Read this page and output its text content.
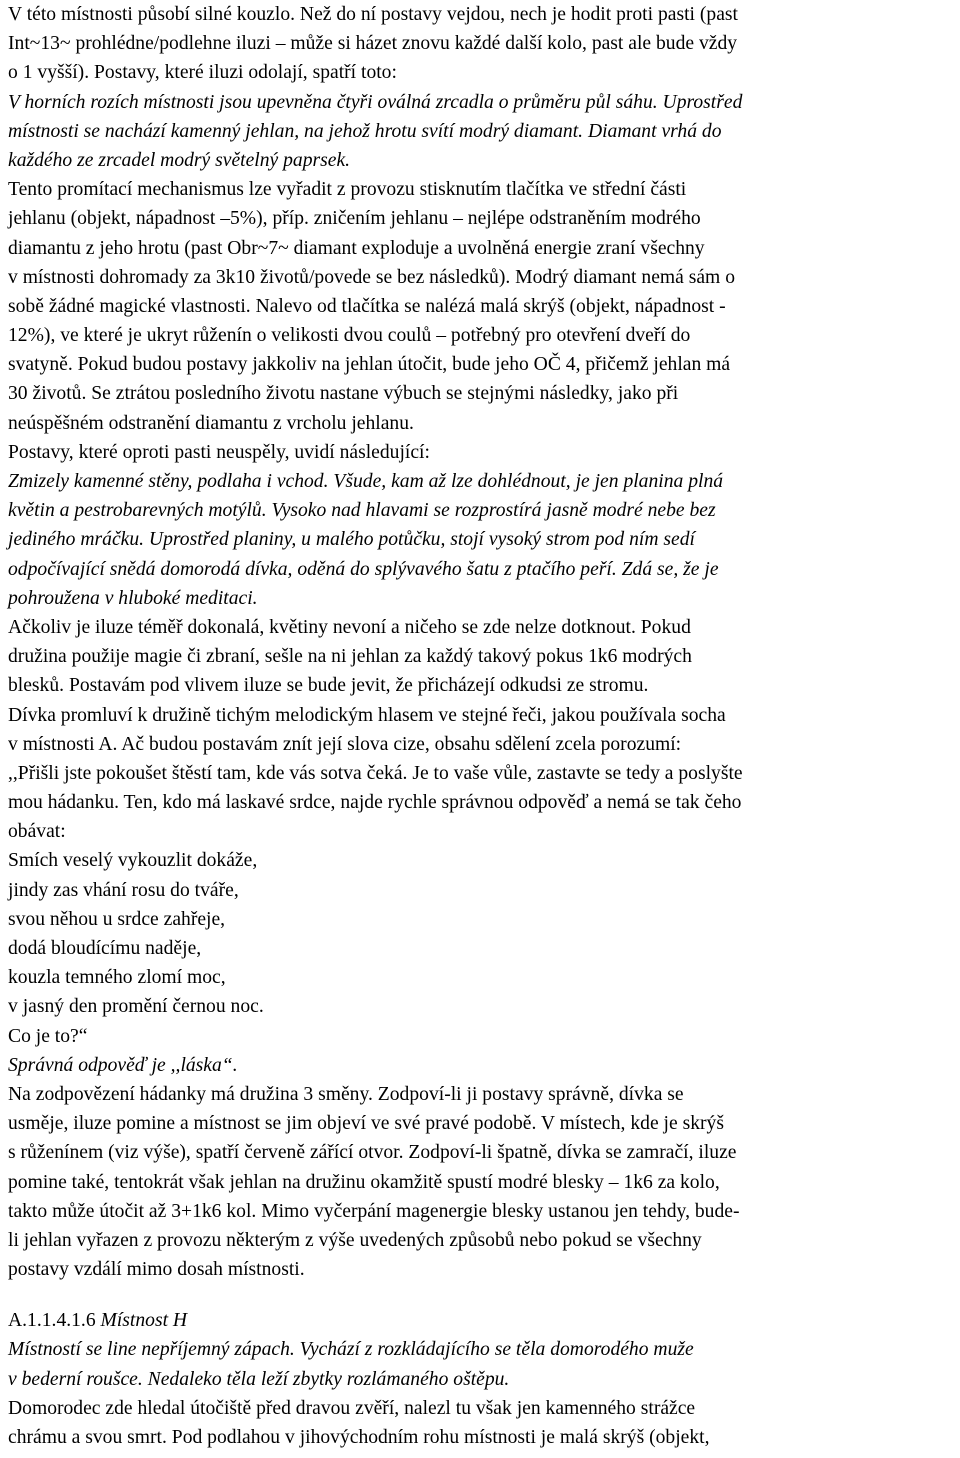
V této místnosti působí silné kouzlo. Než do ní postavy vejdou, nech je hodit proti pasti (past
Int~13~ prohlédne/podlehne iluzi – může si házet znovu každé další kolo, past ale bude vždy
o 1 vyšší). Postavy, které iluzi odolají, spatří toto:
V horních rozích místnosti jsou upevněna čtyři oválná zrcadla o průměru půl sáhu. Uprostřed
místnosti se nachází kamenný jehlan, na jehož hrotu svítí modrý diamant. Diamant vrhá do
každého ze zrcadel modrý světelný paprsek.
Tento promítací mechanismus lze vyřadit z provozu stisknutím tlačítka ve střední části
jehlanu (objekt, nápadnost –5%), příp. zničením jehlanu – nejlépe odstraněním modrého
diamantu z jeho hrotu (past Obr~7~ diamant exploduje a uvolněná energie zraní všechny
v místnosti dohromady za 3k10 životů/povede se bez následků). Modrý diamant nemá sám o
sobě žádné magické vlastnosti. Nalevo od tlačítka se nalézá malá skrýš (objekt, nápadnost -
12%), ve které je ukryt růženín o velikosti dvou coulů – potřebný pro otevření dveří do
svatyně. Pokud budou postavy jakkoliv na jehlan útočit, bude jeho OČ 4, přičemž jehlan má
30 životů. Se ztrátou posledního životu nastane výbuch se stejnými následky, jako při
neúspěšném odstranění diamantu z vrcholu jehlanu.
Postavy, které oproti pasti neuspěly, uvidí následující:
Zmizely kamenné stěny, podlaha i vchod. Všude, kam až lze dohlédnout, je jen planina plná
květin a pestrobarevných motýlů. Vysoko nad hlavami se rozprostírá jasně modré nebe bez
jediného mráčku. Uprostřed planiny, u malého potůčku, stojí vysoký strom pod ním sedí
odpočívající snědá domorodá dívka, oděná do splývavého šatu z ptačího peří. Zdá se, že je
pohroužena v hluboké meditaci.
Ačkoliv je iluze téměř dokonalá, květiny nevoní a ničeho se zde nelze dotknout. Pokud
družina použije magie či zbraní, sešle na ni jehlan za každý takový pokus 1k6 modrých
blesků. Postavám pod vlivem iluze se bude jevit, že přicházejí odkudsi ze stromu.
Dívka promluví k družině tichým melodickým hlasem ve stejné řeči, jakou používala socha
v místnosti A. Ač budou postavám znít její slova cize, obsahu sdělení zcela porozumí:
,,Přišli jste pokoušet štěstí tam, kde vás sotva čeká. Je to vaše vůle, zastavte se tedy a poslyšte
mou hádanku. Ten, kdo má laskavé srdce, najde rychle správnou odpověď a nemá se tak čeho
obávat:
Smích veselý vykouzlit dokáže,
jindy zas vhání rosu do tváře,
svou něhou u srdce zahřeje,
dodá bloudícímu naděje,
kouzla temného zlomí moc,
v jasný den promění černou noc.
Co je to?“
Správná odpověď je ,,láska“.
Na zodpovězení hádanky má družina 3 směny. Zodpoví-li ji postavy správně, dívka se
usměje, iluze pomine a místnost se jim objeví ve své pravé podobě. V místech, kde je skrýš
s růženínem (viz výše), spatří červeně zářící otvor. Zodpoví-li špatně, dívka se zamračí, iluze
pomine také, tentokrát však jehlan na družinu okamžitě spustí modré blesky – 1k6 za kolo,
takto může útočit až 3+1k6 kol. Mimo vyčerpání magenergie blesky ustanou jen tehdy, bude-
li jehlan vyřazen z provozu některým z výše uvedených způsobů nebo pokud se všechny
postavy vzdálí mimo dosah místnosti.
A.1.1.4.1.6 Místnost H
Místností se line nepříjemný zápach. Vychází z rozkládajícího se těla domorodého muže
v bederní roušce. Nedaleko těla leží zbytky rozlámaného oštěpu.
Domorodec zde hledal útočiště před dravou zvěří, nalezl tu však jen kamenného strážce
chrámu a svou smrt. Pod podlahou v jihovýchodním rohu místnosti je malá skrýš (objekt,
